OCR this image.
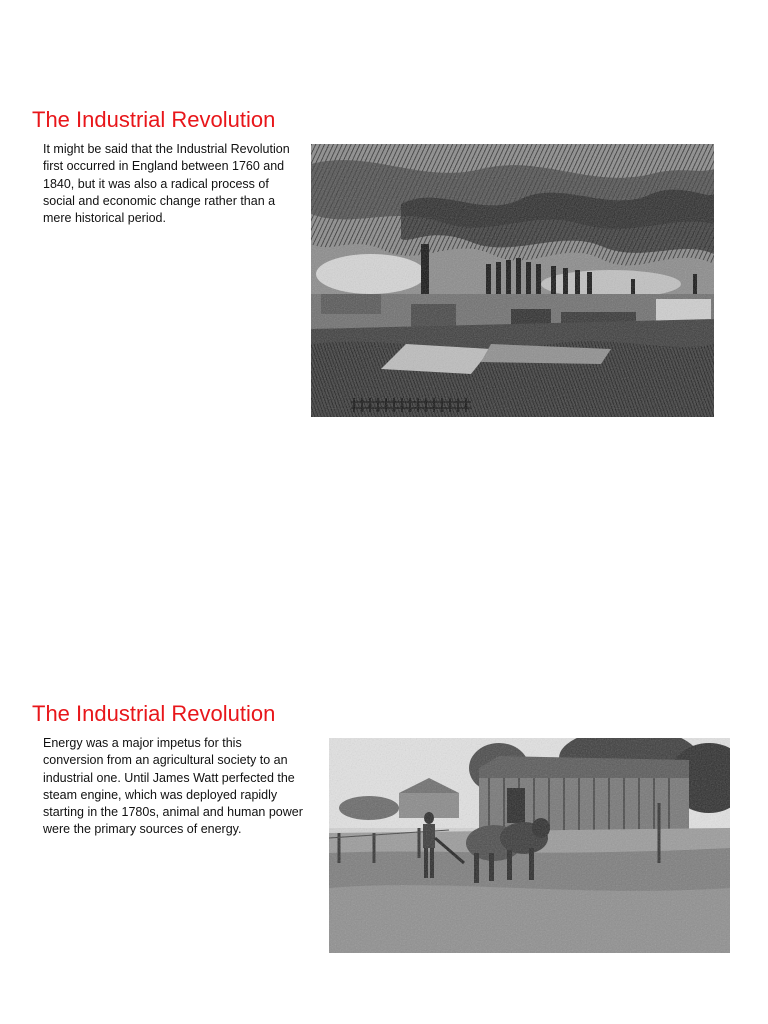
The Industrial Revolution

It might be said that the Industrial Revolution first occurred in England between 1760 and 1840, but it was also a radical process of social and economic change rather than a mere historical period.

The Industrial Revolution

Energy was a major impetus for this conversion from an agricultural society to an industrial one. Until James Watt perfected the steam engine, which was deployed rapidly starting in the 1780s, animal and human power were the primary sources of energy.
